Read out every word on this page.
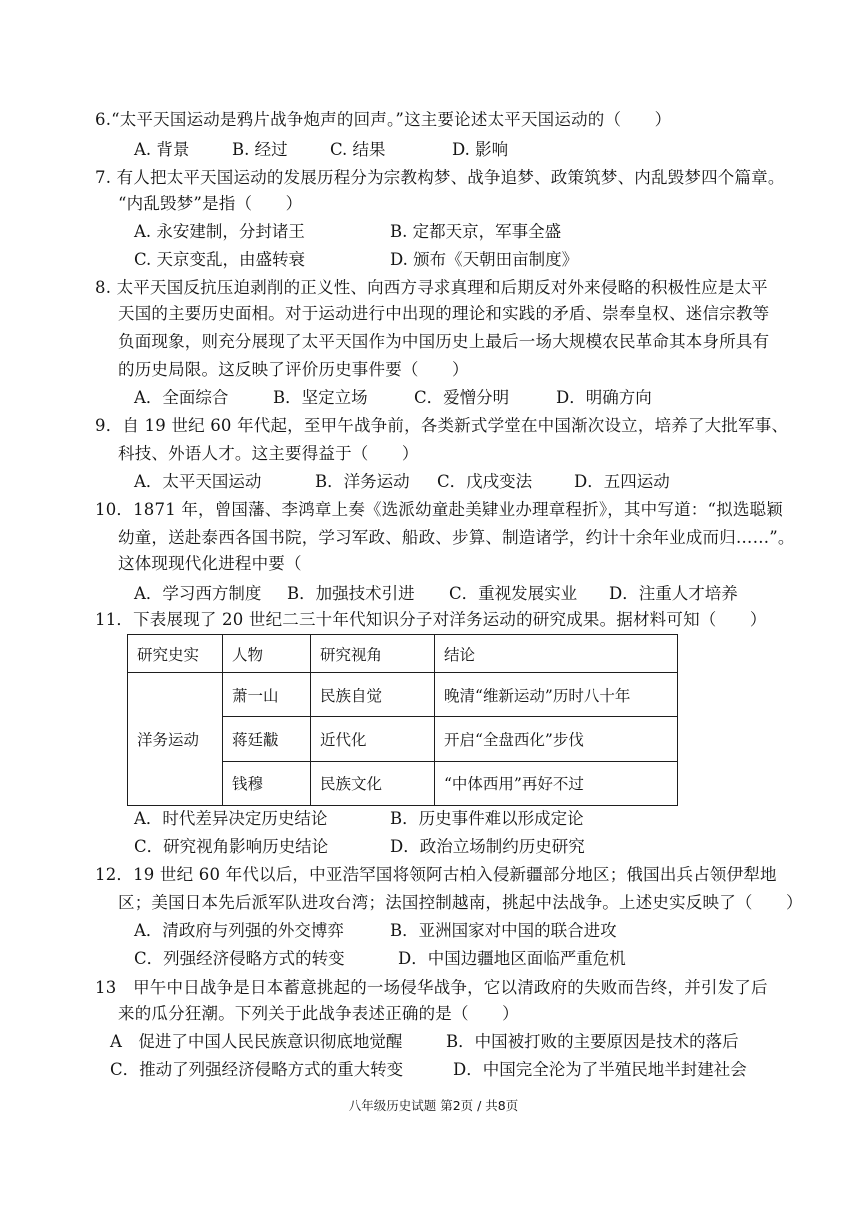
6.“太平天国运动是鸦片战争炮声的回声。”这主要论述太平天国运动的（　　）
A. 背景	B. 经过	C. 结果	D. 影响
7. 有人把太平天国运动的发展历程分为宗教构梦、战争追梦、政策筑梦、内乱毁梦四个篇章。
“内乱毁梦”是指（　　）
A. 永安建制，分封诸王	B. 定都天京，军事全盛
C. 天京变乱，由盛转衰	D. 颁布《天朝田亩制度》
8. 太平天国反抗压迫剥削的正义性、向西方寻求真理和后期反对外来侵略的积极性应是太平
天国的主要历史面相。对于运动进行中出现的理论和实践的矛盾、崇奉皇权、迷信宗教等
负面现象，则充分展现了太平天国作为中国历史上最后一场大规模农民革命其本身所具有
的历史局限。这反映了评价历史事件要（　　）
A．全面综合	B．坚定立场	C．爱憎分明	D．明确方向
9．自 19 世纪 60 年代起，至甲午战争前，各类新式学堂在中国渐次设立，培养了大批军事、
科技、外语人才。这主要得益于（　　）
A．太平天国运动	B．洋务运动 C．戊戌变法	D．五四运动
10．1871 年，曾国藩、李鸿章上奏《选派幼童赴美肄业办理章程折》，其中写道：“拟选聪颖
幼童，送赴泰西各国书院，学习军政、船政、步算、制造诸学，约计十余年业成而归……”。
这体现现代化进程中要（
A．学习西方制度 B．加强技术引进 C．重视发展实业 D．注重人才培养
11．下表展现了 20 世纪二三十年代知识分子对洋务运动的研究成果。据材料可知（　　）
研究史实	人物	研究视角	结论
洋务运动	萧一山	民族自觉	晚清“维新运动”历时八十年
	蒋廷黻	近代化	开启“全盘西化”步伐
	钱穆	民族文化	“中体西用”再好不过
A．时代差异决定历史结论	B．历史事件难以形成定论
C．研究视角影响历史结论	D．政治立场制约历史研究
12．19 世纪 60 年代以后，中亚浩罕国将领阿古柏入侵新疆部分地区；俄国出兵占领伊犁地
区；美国日本先后派军队进攻台湾；法国控制越南，挑起中法战争。上述史实反映了（　　）
A．清政府与列强的外交博弈	B．亚洲国家对中国的联合进攻
C．列强经济侵略方式的转变	D．中国边疆地区面临严重危机
13　甲午中日战争是日本蓄意挑起的一场侵华战争，它以清政府的失败而告终，并引发了后
来的瓜分狂潮。下列关于此战争表述正确的是（　　）
A　促进了中国人民民族意识彻底地觉醒	B．中国被打败的主要原因是技术的落后
C．推动了列强经济侵略方式的重大转变	D．中国完全沦为了半殖民地半封建社会
八年级历史试题 第2页 / 共8页
